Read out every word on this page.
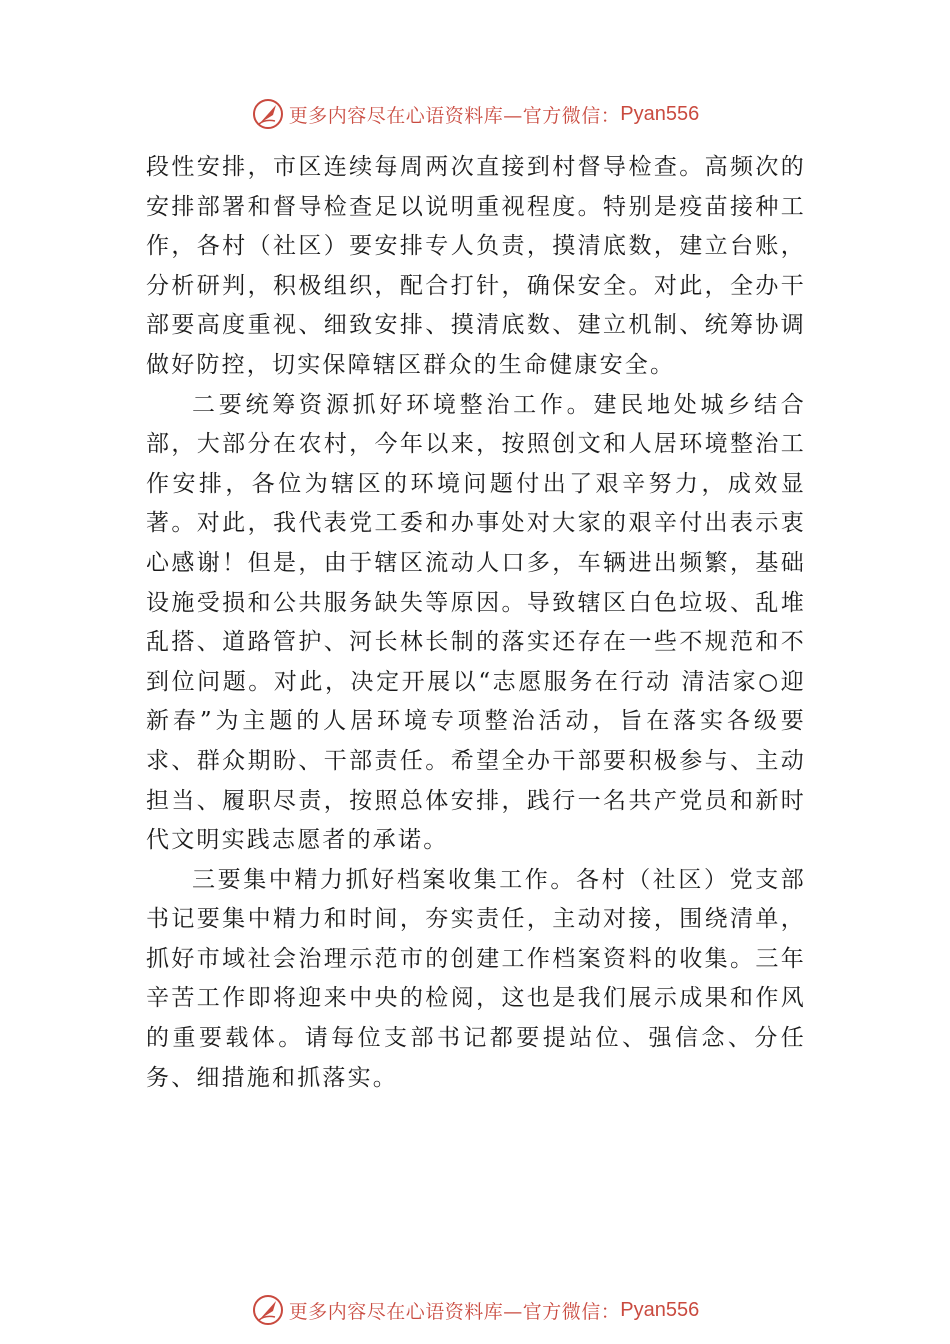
更多内容尽在心语资料库—官方微信： Pyan556

段性安排，市区连续每周两次直接到村督导检查。高频次的安排部署和督导检查足以说明重视程度。特别是疫苗接种工作，各村（社区）要安排专人负责，摸清底数，建立台账，分析研判，积极组织，配合打针，确保安全。对此，全办干部要高度重视、细致安排、摸清底数、建立机制、统筹协调做好防控，切实保障辖区群众的生命健康安全。

二要统筹资源抓好环境整治工作。建民地处城乡结合部，大部分在农村，今年以来，按照创文和人居环境整治工作安排，各位为辖区的环境问题付出了艰辛努力，成效显著。对此，我代表党工委和办事处对大家的艰辛付出表示衷心感谢！但是，由于辖区流动人口多，车辆进出频繁，基础设施受损和公共服务缺失等原因。导致辖区白色垃圾、乱堆乱搭、道路管护、河长林长制的落实还存在一些不规范和不到位问题。对此，决定开展以“志愿服务在行动 清洁家○迎新春”为主题的人居环境专项整治活动，旨在落实各级要求、群众期盼、干部责任。希望全办干部要积极参与、主动担当、履职尽责，按照总体安排，践行一名共产党员和新时代文明实践志愿者的承诺。

三要集中精力抓好档案收集工作。各村（社区）党支部书记要集中精力和时间，夯实责任，主动对接，围绕清单，抓好市域社会治理示范市的创建工作档案资料的收集。三年辛苦工作即将迎来中央的检阅，这也是我们展示成果和作风的重要载体。请每位支部书记都要提站位、强信念、分任务、细措施和抓落实。

更多内容尽在心语资料库—官方微信： Pyan556
